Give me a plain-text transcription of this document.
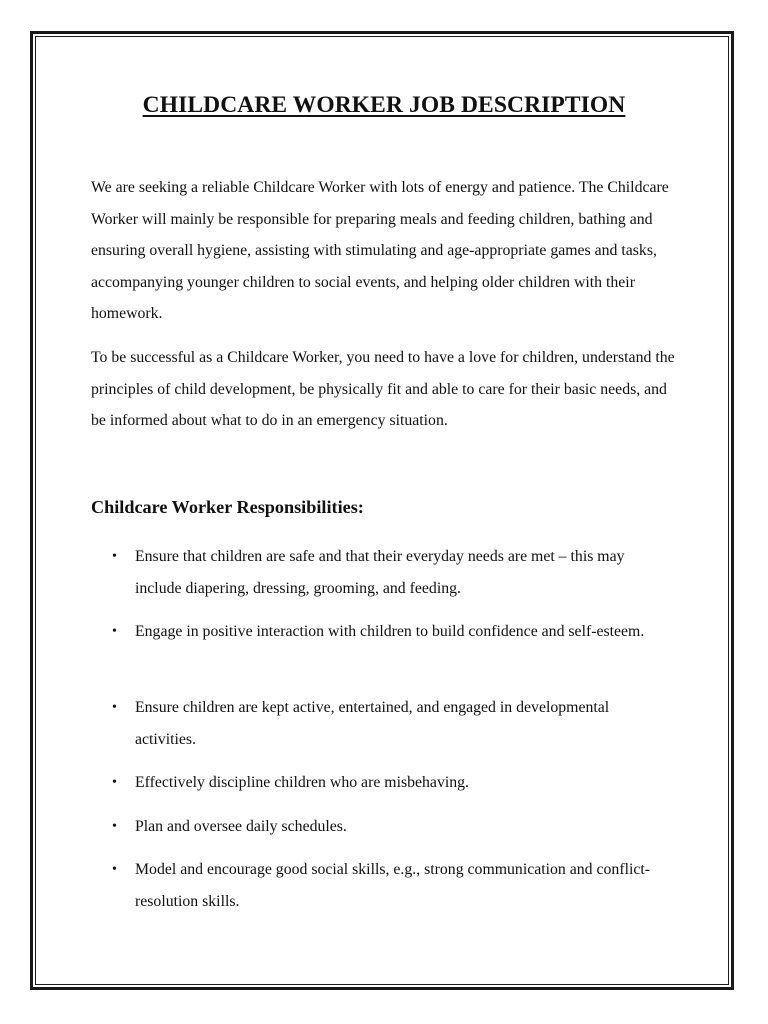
CHILDCARE WORKER JOB DESCRIPTION

We are seeking a reliable Childcare Worker with lots of energy and patience. The Childcare Worker will mainly be responsible for preparing meals and feeding children, bathing and ensuring overall hygiene, assisting with stimulating and age-appropriate games and tasks, accompanying younger children to social events, and helping older children with their homework.

To be successful as a Childcare Worker, you need to have a love for children, understand the principles of child development, be physically fit and able to care for their basic needs, and be informed about what to do in an emergency situation.

Childcare Worker Responsibilities:
• Ensure that children are safe and that their everyday needs are met – this may include diapering, dressing, grooming, and feeding.
• Engage in positive interaction with children to build confidence and self-esteem.
• Ensure children are kept active, entertained, and engaged in developmental activities.
• Effectively discipline children who are misbehaving.
• Plan and oversee daily schedules.
• Model and encourage good social skills, e.g., strong communication and conflict-resolution skills.
